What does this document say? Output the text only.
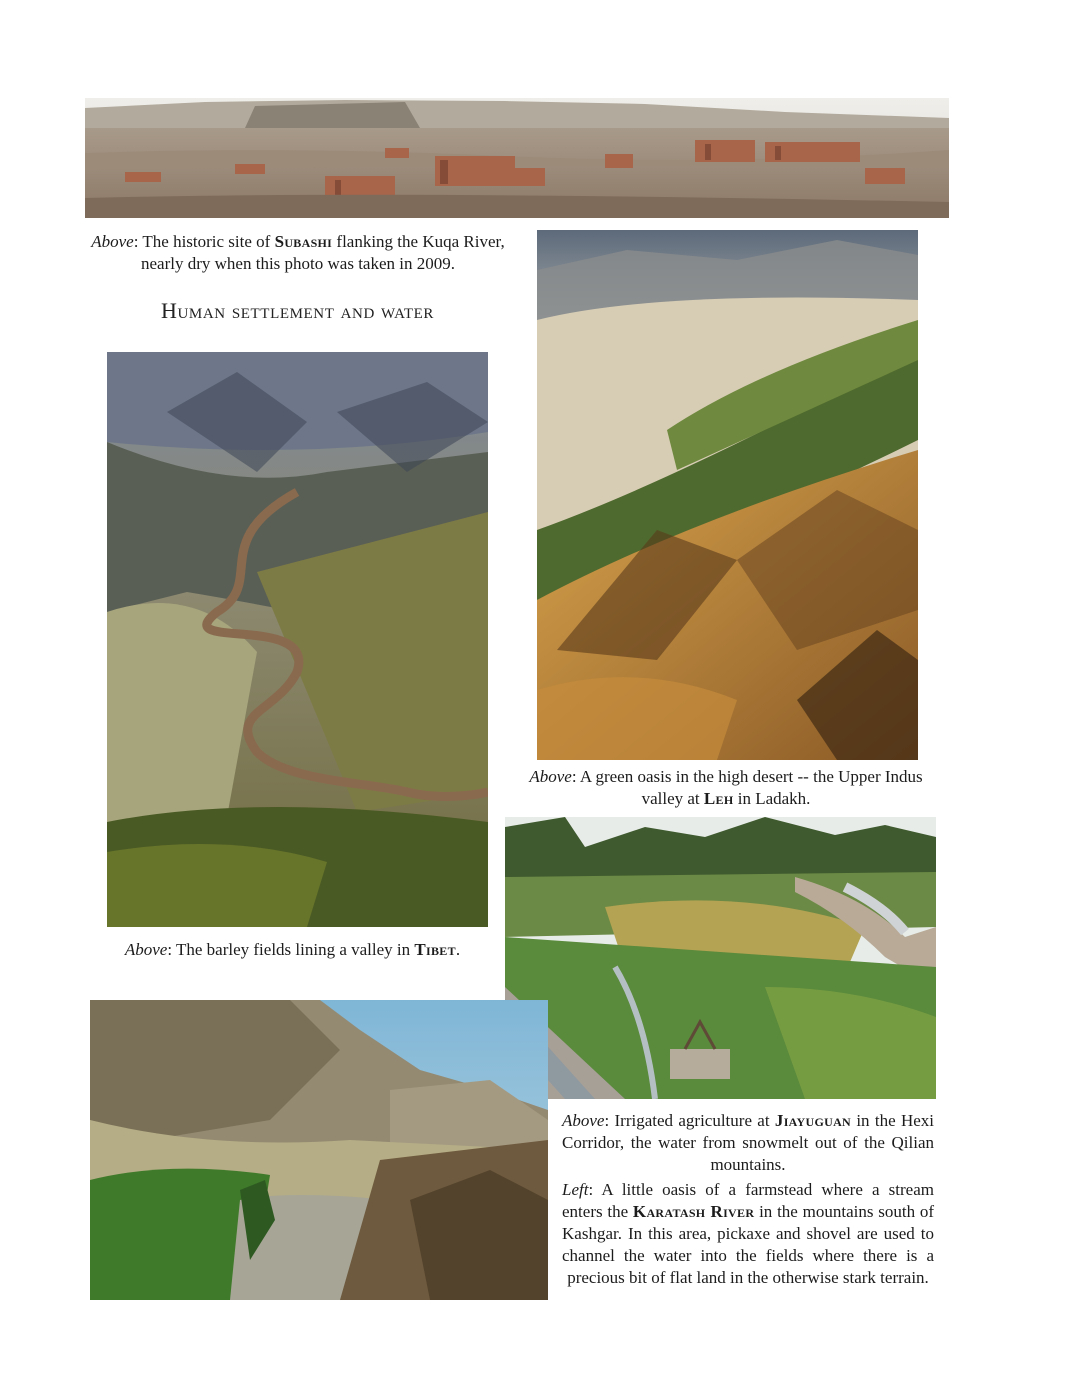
Above: The historic site of Subashi flanking the Kuqa River, nearly dry when this photo was taken in 2009.

Human settlement and water

Above: A green oasis in the high desert -- the Upper Indus valley at Leh in Ladakh.

Above: The barley fields lining a valley in Tibet.

Above: Irrigated agriculture at Jiayuguan in the Hexi Corridor, the water from snowmelt out of the Qilian mountains.

Left: A little oasis of a farmstead where a stream enters the Karatash River in the mountains south of Kashgar. In this area, pickaxe and shovel are used to channel the water into the fields where there is a precious bit of flat land in the otherwise stark terrain.
